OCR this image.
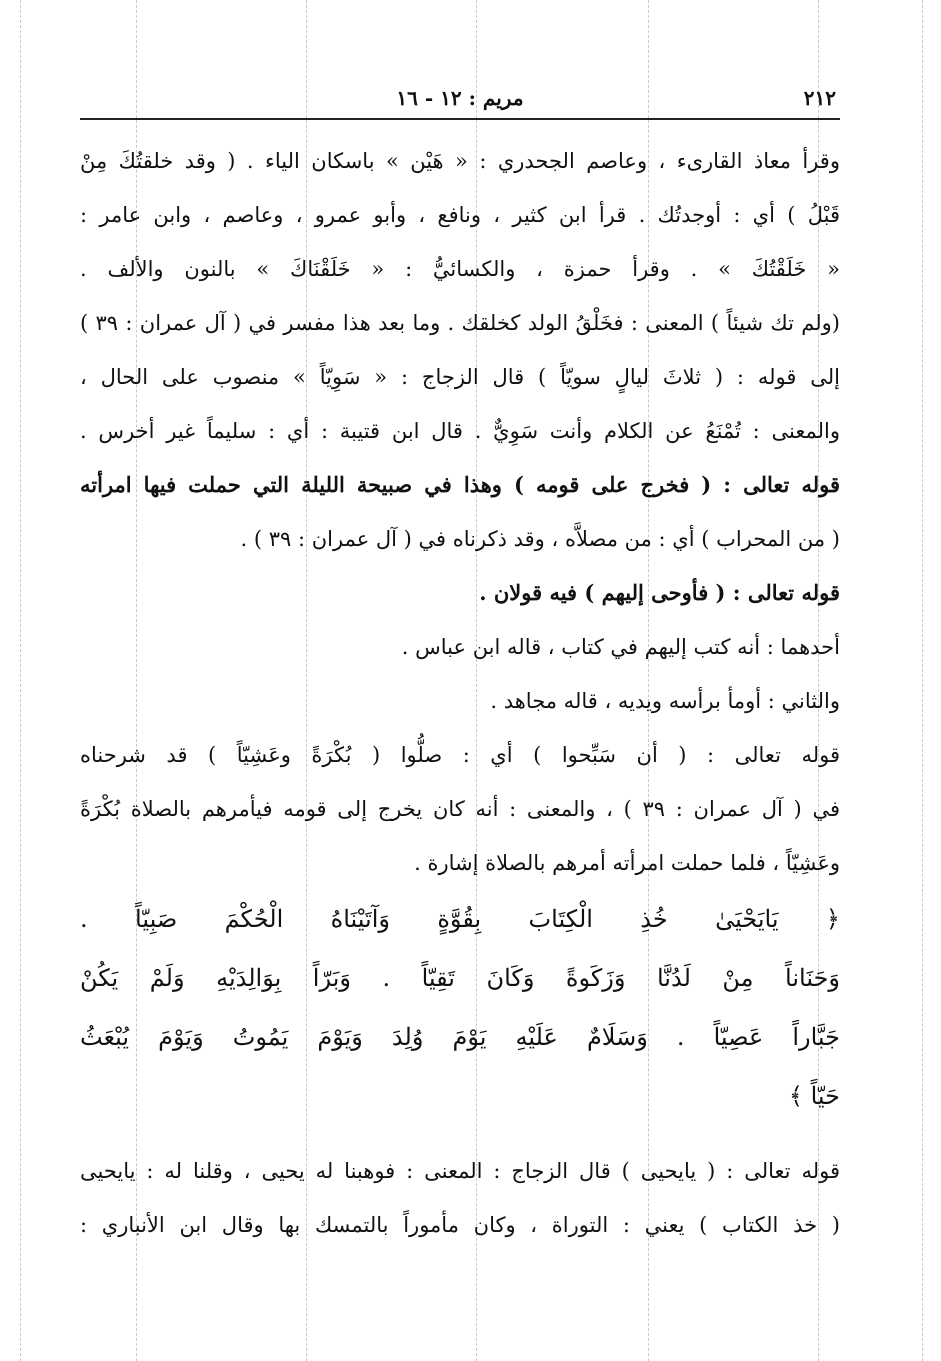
٢١٢
مريم : ١٢ - ١٦
وقرأ معاذ القارىء ، وعاصم الجحدري : « هَيْن » باسكان الياء . ( وقد خلقتُكَ مِنْ
قَبْلُ ) أي : أوجدتُك . قرأ ابن كثير ، ونافع ، وأبو عمرو ، وعاصم ، وابن عامر :
« خَلَقْتُكَ » . وقرأ حمزة ، والكسائيُّ : « خَلَقْنَاكَ » بالنون والألف .
(ولم تك شيئاً ) المعنى : فخَلْقُ الولد كخلقك . وما بعد هذا مفسر في ( آل عمران : ٣٩ )
إلى قوله : ( ثلاثَ ليالٍ سويّاً ) قال الزجاج : « سَوِيّاً » منصوب على الحال ،
والمعنى : تُمْنَعُ عن الكلام وأنت سَوِيٌّ . قال ابن قتيبة : أي : سليماً غير أخرس .
قوله تعالى : ( فخرج على قومه ) وهذا في صبيحة الليلة التي حملت فيها امرأته
( من المحراب ) أي : من مصلاَّه ، وقد ذكرناه في ( آل عمران : ٣٩ ) .
قوله تعالى : ( فأوحى إليهم ) فيه قولان .
أحدهما : أنه كتب إليهم في كتاب ، قاله ابن عباس .
والثاني : أومأ برأسه ويديه ، قاله مجاهد .
قوله تعالى : ( أن سَبِّحوا ) أي : صلُّوا ( بُكْرَةً وعَشِيّاً ) قد شرحناه
في ( آل عمران : ٣٩ ) ، والمعنى : أنه كان يخرج إلى قومه فيأمرهم بالصلاة بُكْرَةً
وعَشِيّاً ، فلما حملت امرأته أمرهم بالصلاة إشارة .
﴿ يَايَحْيَىٰ خُذِ الْكِتَابَ بِقُوَّةٍ وَآتَيْنَاهُ الْحُكْمَ صَبِيّاً .
وَحَنَاناً مِنْ لَدُنَّا وَزَكَوةً وَكَانَ تَقِيّاً . وَبَرّاً بِوَالِدَيْهِ وَلَمْ يَكُنْ
جَبَّاراً عَصِيّاً . وَسَلَامٌ عَلَيْهِ يَوْمَ وُلِدَ وَيَوْمَ يَمُوتُ وَيَوْمَ يُبْعَثُ
حَيّاً ﴾
قوله تعالى : ( يايحيى ) قال الزجاج : المعنى : فوهبنا له يحيى ، وقلنا له : يايحيى
( خذ الكتاب ) يعني : التوراة ، وكان مأموراً بالتمسك بها وقال ابن الأنباري :
